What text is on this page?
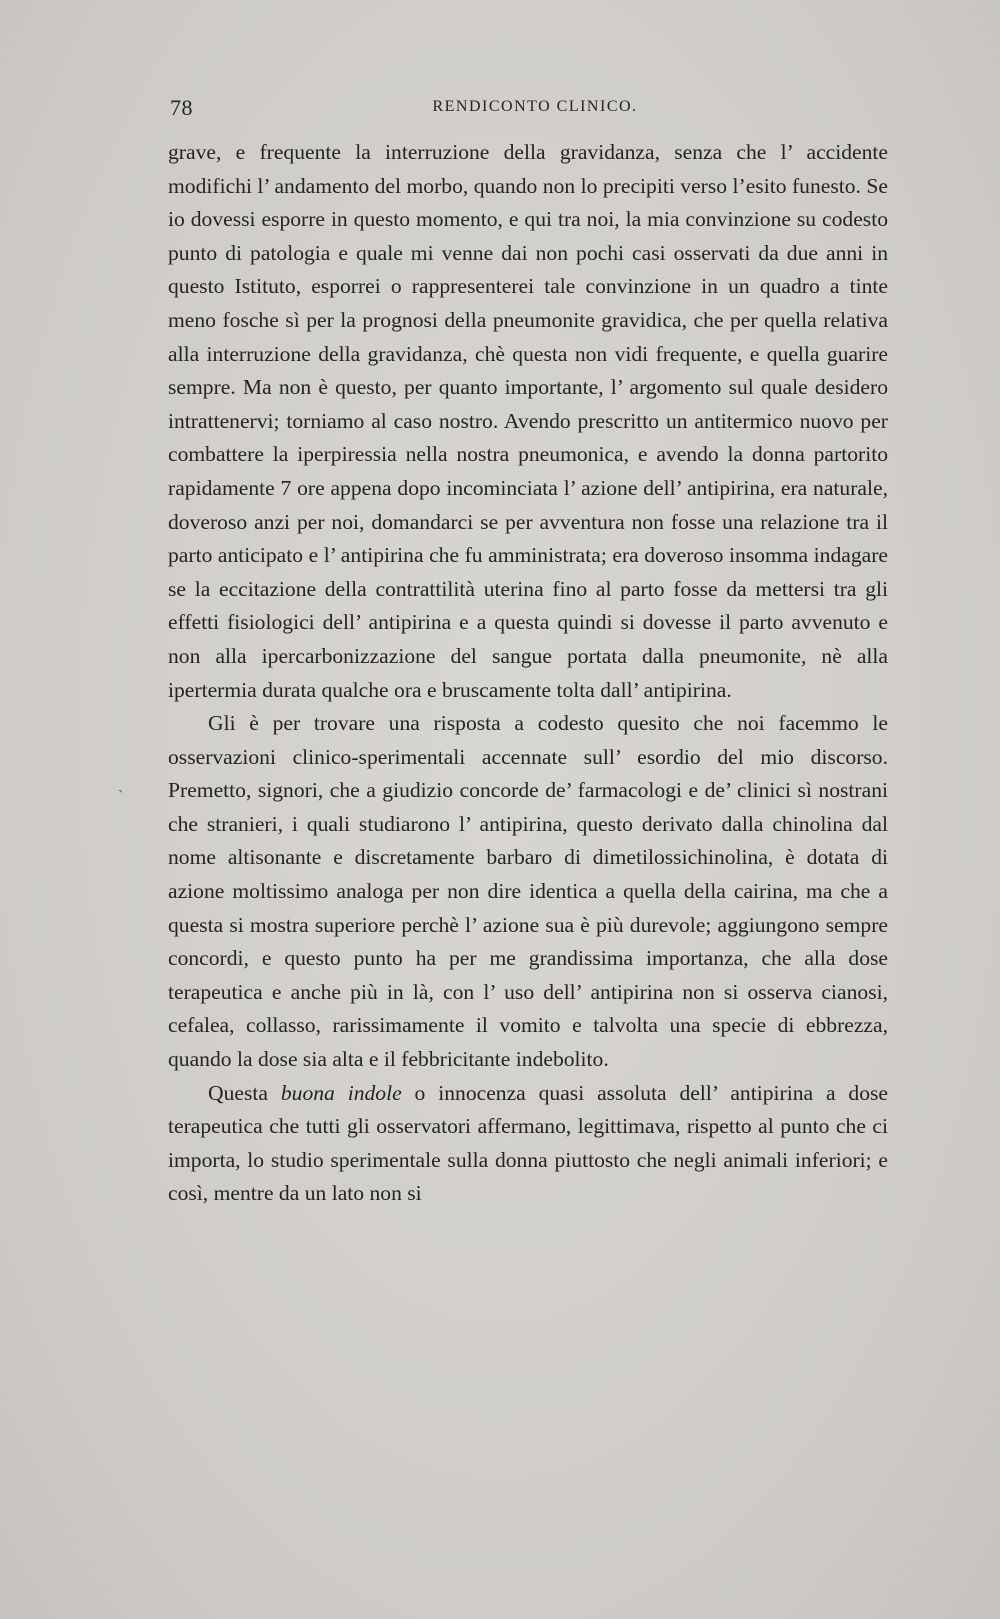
78	RENDICONTO CLINICO.

grave, e frequente la interruzione della gravidanza, senza che l’ accidente modifichi l’ andamento del morbo, quando non lo precipiti verso l’esito funesto. Se io dovessi esporre in questo momento, e qui tra noi, la mia convinzione su codesto punto di patologia e quale mi venne dai non pochi casi osservati da due anni in questo Istituto, esporrei o rappresenterei tale convinzione in un quadro a tinte meno fosche sì per la prognosi della pneumonite gravidica, che per quella relativa alla interruzione della gravidanza, chè questa non vidi frequente, e quella guarire sempre. Ma non è questo, per quanto importante, l’ argomento sul quale desidero intrattenervi; torniamo al caso nostro. Avendo prescritto un antitermico nuovo per combattere la iperpiressia nella nostra pneumonica, e avendo la donna partorito rapidamente 7 ore appena dopo incominciata l’ azione dell’ antipirina, era naturale, doveroso anzi per noi, domandarci se per avventura non fosse una relazione tra il parto anticipato e l’ antipirina che fu amministrata; era doveroso insomma indagare se la eccitazione della contrattilità uterina fino al parto fosse da mettersi tra gli effetti fisiologici dell’ antipirina e a questa quindi si dovesse il parto avvenuto e non alla ipercarbonizzazione del sangue portata dalla pneumonite, nè alla ipertermia durata qualche ora e bruscamente tolta dall’ antipirina.

Gli è per trovare una risposta a codesto quesito che noi facemmo le osservazioni clinico-sperimentali accennate sull’ esordio del mio discorso. Premetto, signori, che a giudizio concorde de’ farmacologi e de’ clinici sì nostrani che stranieri, i quali studiarono l’ antipirina, questo derivato dalla chinolina dal nome altisonante e discretamente barbaro di dimetilossichinolina, è dotata di azione moltissimo analoga per non dire identica a quella della cairina, ma che a questa si mostra superiore perchè l’ azione sua è più durevole; aggiungono sempre concordi, e questo punto ha per me grandissima importanza, che alla dose terapeutica e anche più in là, con l’ uso dell’ antipirina non si osserva cianosi, cefalea, collasso, rarissimamente il vomito e talvolta una specie di ebbrezza, quando la dose sia alta e il febbricitante indebolito.

Questa buona indole o innocenza quasi assoluta dell’ antipirina a dose terapeutica che tutti gli osservatori affermano, legittimava, rispetto al punto che ci importa, lo studio sperimentale sulla donna piuttosto che negli animali inferiori; e così, mentre da un lato non si

ˋ
